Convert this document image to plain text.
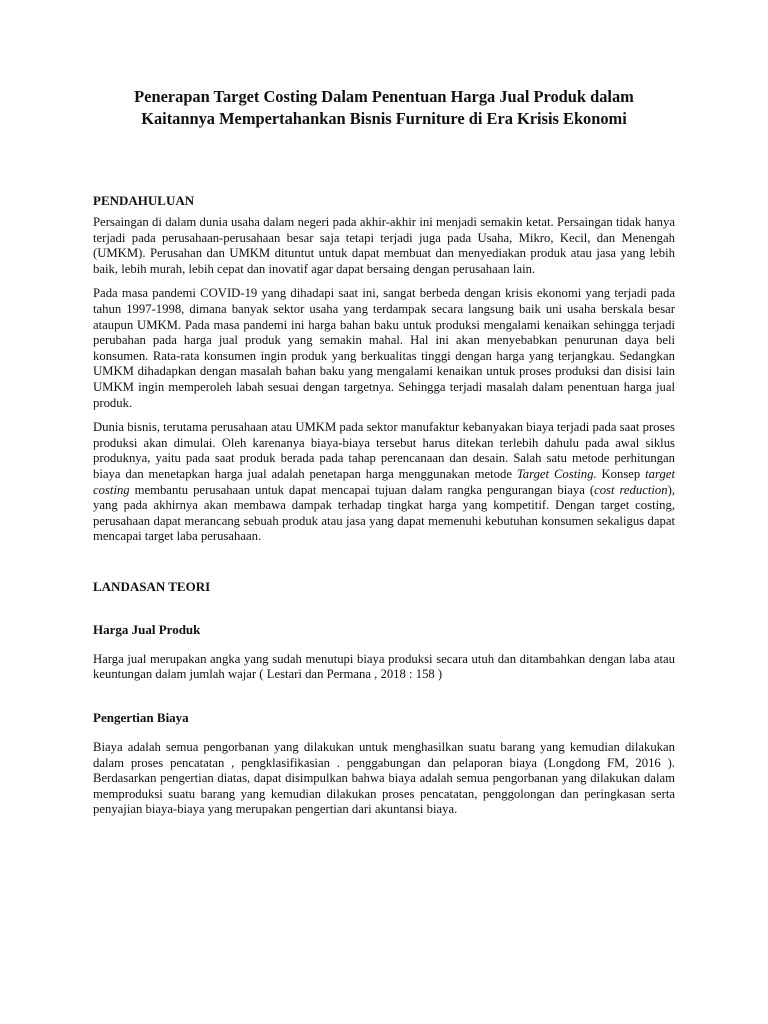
Penerapan Target Costing Dalam Penentuan Harga Jual Produk dalam
Kaitannya Mempertahankan Bisnis Furniture di Era Krisis Ekonomi
PENDAHULUAN

Persaingan di dalam dunia usaha dalam negeri pada akhir-akhir ini menjadi semakin ketat. Persaingan tidak hanya terjadi pada perusahaan-perusahaan besar saja tetapi terjadi juga pada Usaha, Mikro, Kecil, dan Menengah (UMKM). Perusahan dan UMKM dituntut untuk dapat membuat dan menyediakan produk atau jasa yang lebih baik, lebih murah, lebih cepat dan inovatif agar dapat bersaing dengan perusahaan lain.

Pada masa pandemi COVID-19 yang dihadapi saat ini, sangat berbeda dengan krisis ekonomi yang terjadi pada tahun 1997-1998, dimana banyak sektor usaha yang terdampak secara langsung baik uni usaha berskala besar ataupun UMKM. Pada masa pandemi ini harga bahan baku untuk produksi mengalami kenaikan sehingga terjadi perubahan pada harga jual produk yang semakin mahal. Hal ini akan menyebabkan penurunan daya beli konsumen. Rata-rata konsumen ingin produk yang berkualitas tinggi dengan harga yang terjangkau. Sedangkan UMKM dihadapkan dengan masalah bahan baku yang mengalami kenaikan untuk proses produksi dan disisi lain UMKM ingin memperoleh labah sesuai dengan targetnya. Sehingga terjadi masalah dalam penentuan harga jual produk.

Dunia bisnis, terutama perusahaan atau UMKM pada sektor manufaktur kebanyakan biaya terjadi pada saat proses produksi akan dimulai. Oleh karenanya biaya-biaya tersebut harus ditekan terlebih dahulu pada awal siklus produknya, yaitu pada saat produk berada pada tahap perencanaan dan desain. Salah satu metode perhitungan biaya dan menetapkan harga jual adalah penetapan harga menggunakan metode Target Costing. Konsep target costing membantu perusahaan untuk dapat mencapai tujuan dalam rangka pengurangan biaya (cost reduction), yang pada akhirnya akan membawa dampak terhadap tingkat harga yang kompetitif. Dengan target costing, perusahaan dapat merancang sebuah produk atau jasa yang dapat memenuhi kebutuhan konsumen sekaligus dapat mencapai target laba perusahaan.

LANDASAN TEORI
Harga Jual Produk

Harga jual merupakan angka yang sudah menutupi biaya produksi secara utuh dan ditambahkan dengan laba atau keuntungan dalam jumlah wajar ( Lestari dan Permana , 2018 : 158 )

Pengertian Biaya

Biaya adalah semua pengorbanan yang dilakukan untuk menghasilkan suatu barang yang kemudian dilakukan dalam proses pencatatan , pengklasifikasian . penggabungan dan pelaporan biaya (Longdong FM, 2016 ). Berdasarkan pengertian diatas, dapat disimpulkan bahwa biaya adalah semua pengorbanan yang dilakukan dalam memproduksi suatu barang yang kemudian dilakukan proses pencatatan, penggolongan dan peringkasan serta penyajian biaya-biaya yang merupakan pengertian dari akuntansi biaya.
